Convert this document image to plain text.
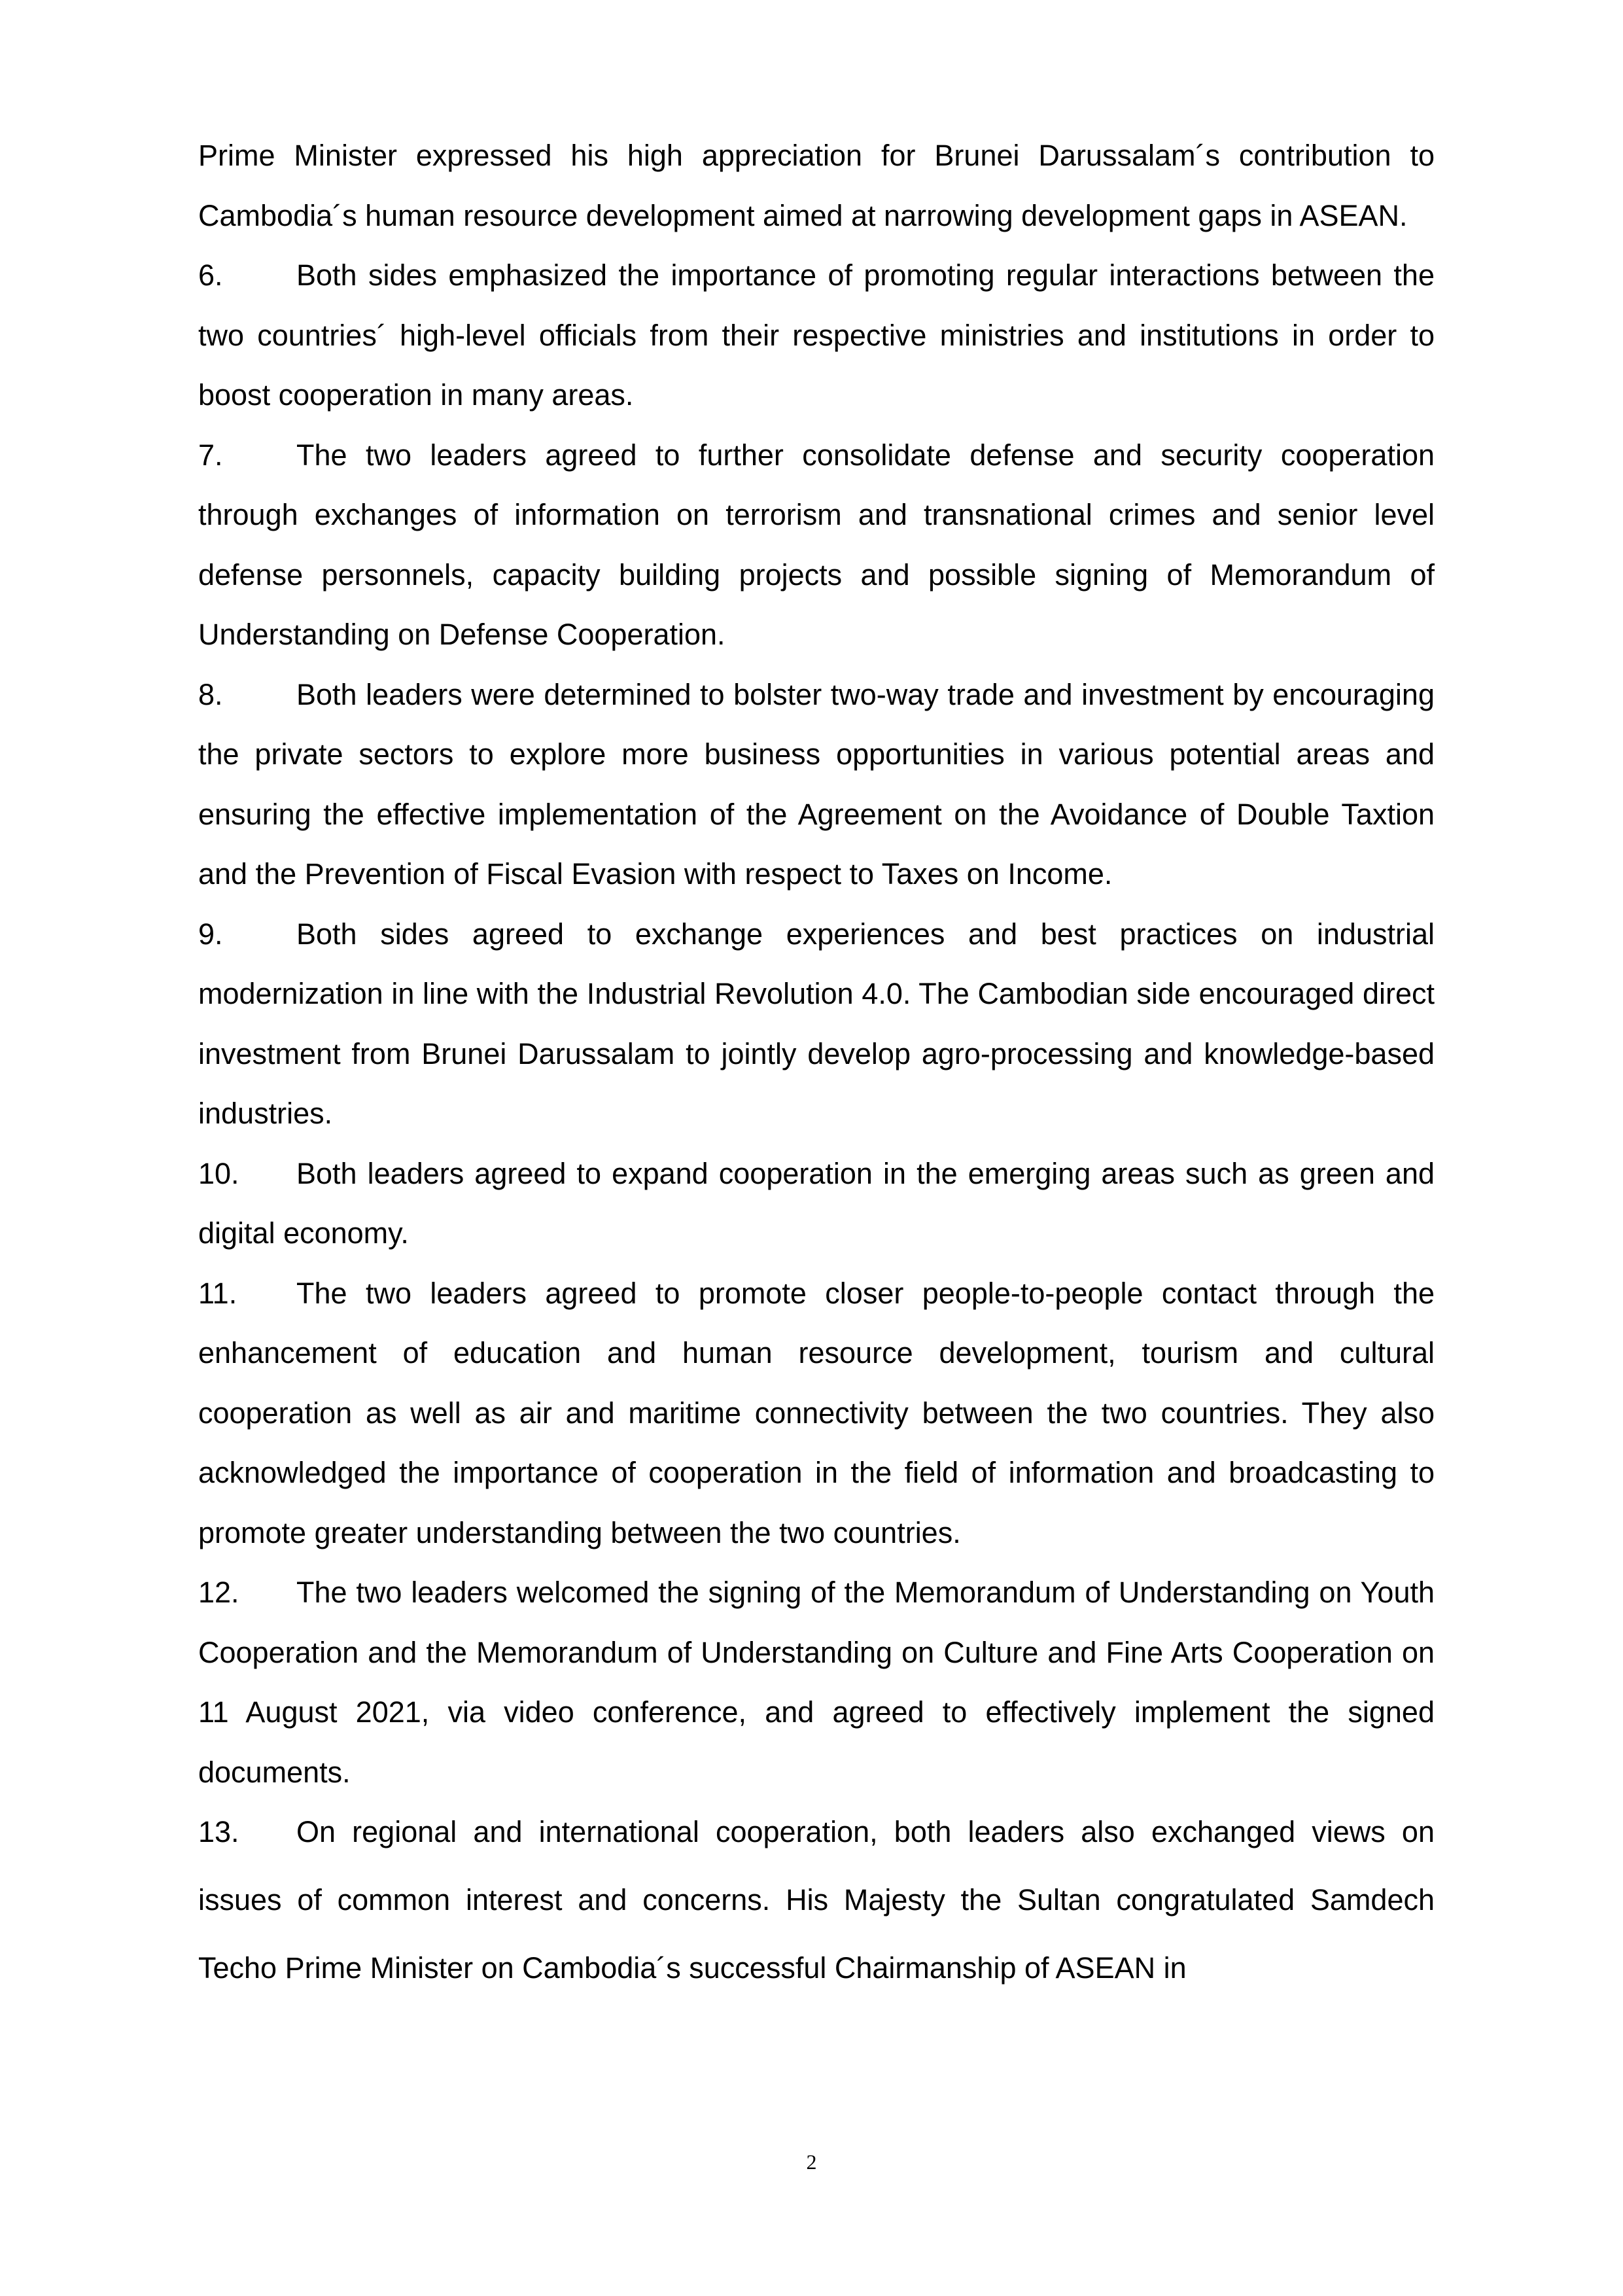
Prime Minister expressed his high appreciation for Brunei Darussalam´s contribution to Cambodia´s human resource development aimed at narrowing development gaps in ASEAN.

6. Both sides emphasized the importance of promoting regular interactions between the two countries´ high-level officials from their respective ministries and institutions in order to boost cooperation in many areas.

7. The two leaders agreed to further consolidate defense and security cooperation through exchanges of information on terrorism and transnational crimes and senior level defense personnels, capacity building projects and possible signing of Memorandum of Understanding on Defense Cooperation.

8. Both leaders were determined to bolster two-way trade and investment by encouraging the private sectors to explore more business opportunities in various potential areas and ensuring the effective implementation of the Agreement on the Avoidance of Double Taxtion and the Prevention of Fiscal Evasion with respect to Taxes on Income.

9. Both sides agreed to exchange experiences and best practices on industrial modernization in line with the Industrial Revolution 4.0. The Cambodian side encouraged direct investment from Brunei Darussalam to jointly develop agro-processing and knowledge-based industries.

10. Both leaders agreed to expand cooperation in the emerging areas such as green and digital economy.

11. The two leaders agreed to promote closer people-to-people contact through the enhancement of education and human resource development, tourism and cultural cooperation as well as air and maritime connectivity between the two countries. They also acknowledged the importance of cooperation in the field of information and broadcasting to promote greater understanding between the two countries.

12. The two leaders welcomed the signing of the Memorandum of Understanding on Youth Cooperation and the Memorandum of Understanding on Culture and Fine Arts Cooperation on 11 August 2021, via video conference, and agreed to effectively implement the signed documents.

13. On regional and international cooperation, both leaders also exchanged views on issues of common interest and concerns. His Majesty the Sultan congratulated Samdech Techo Prime Minister on Cambodia´s successful Chairmanship of ASEAN in

2
